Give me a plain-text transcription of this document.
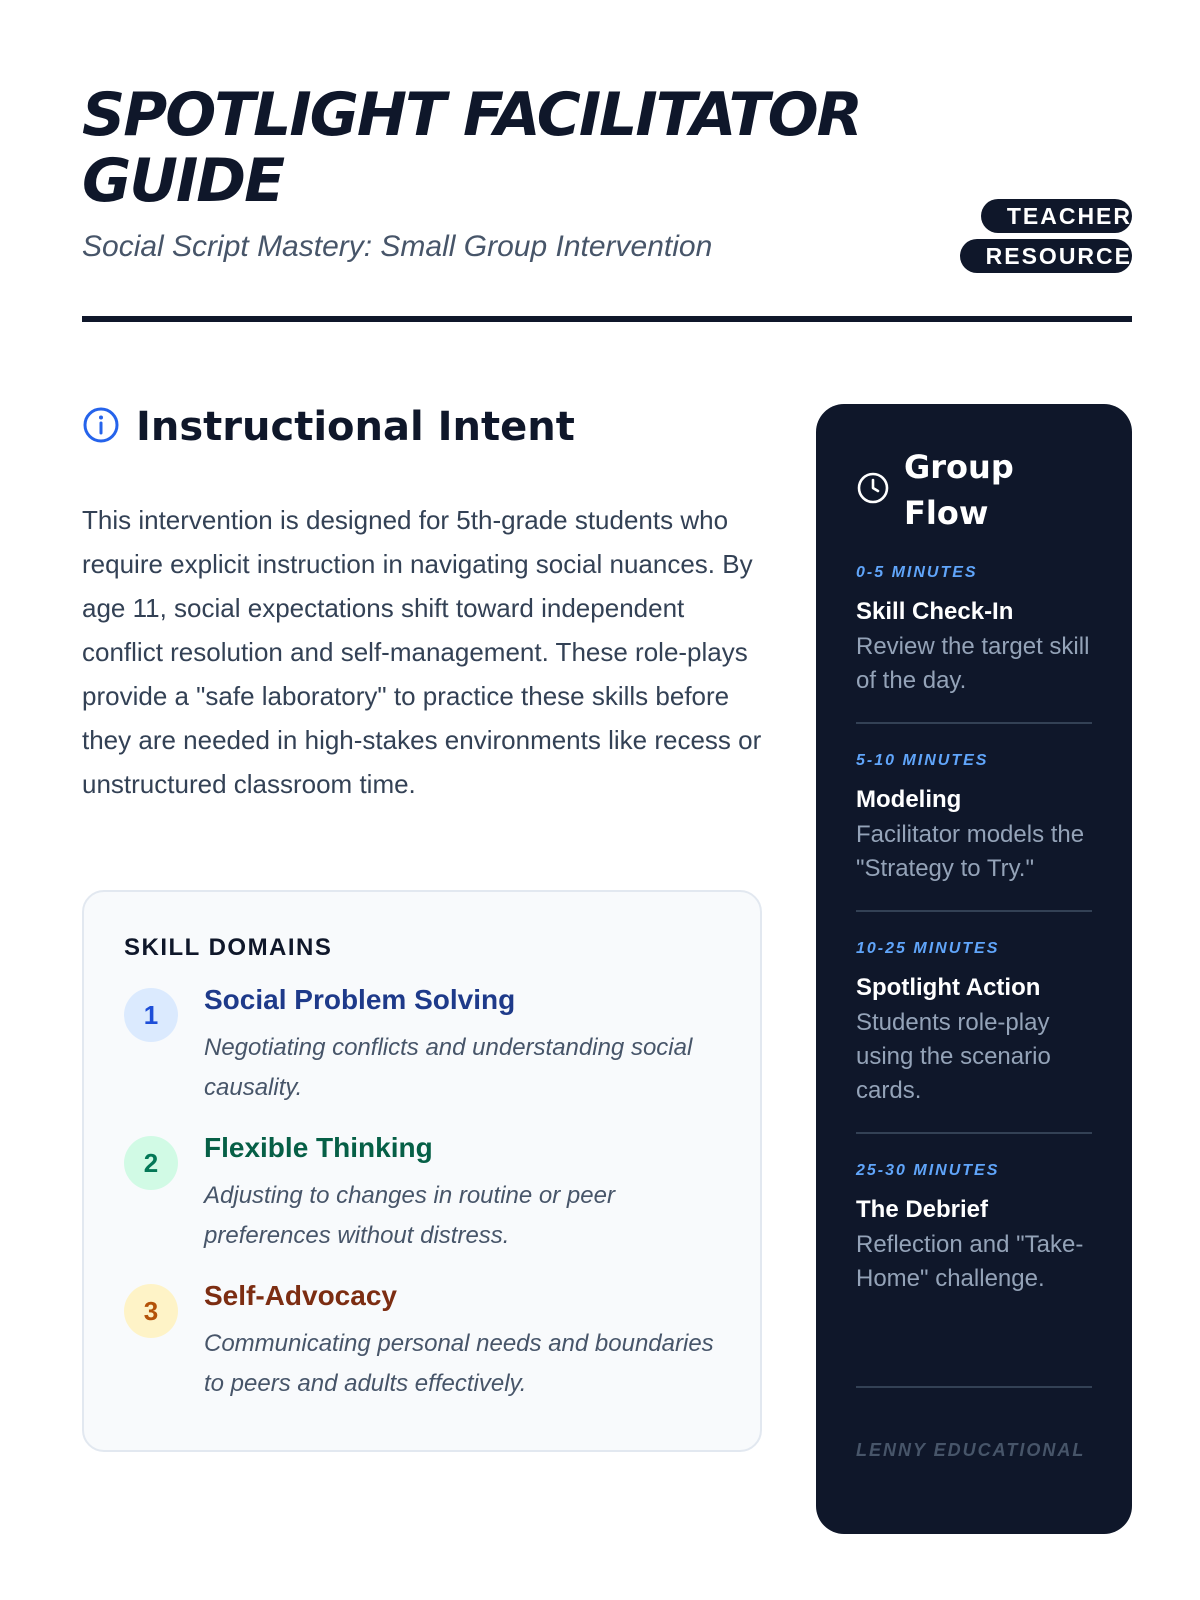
SPOTLIGHT FACILITATOR GUIDE

Social Script Mastery: Small Group Intervention

TEACHER RESOURCE
Instructional Intent

This intervention is designed for 5th-grade students who require explicit instruction in navigating social nuances. By age 11, social expectations shift toward independent conflict resolution and self-management. These role-plays provide a "safe laboratory" to practice these skills before they are needed in high-stakes environments like recess or unstructured classroom time.

SKILL DOMAINS
1	Social Problem Solving
Negotiating conflicts and understanding social causality.
2	Flexible Thinking
Adjusting to changes in routine or peer preferences without distress.
3	Self-Advocacy
Communicating personal needs and boundaries to peers and adults effectively.
Group Flow

0-5 MINUTES

Skill Check-In

Review the target skill of the day.

5-10 MINUTES

Modeling

Facilitator models the "Strategy to Try."

10-25 MINUTES

Spotlight Action

Students role-play using the scenario cards.

25-30 MINUTES

The Debrief

Reflection and "Take-Home" challenge.

LENNY EDUCATIONAL
